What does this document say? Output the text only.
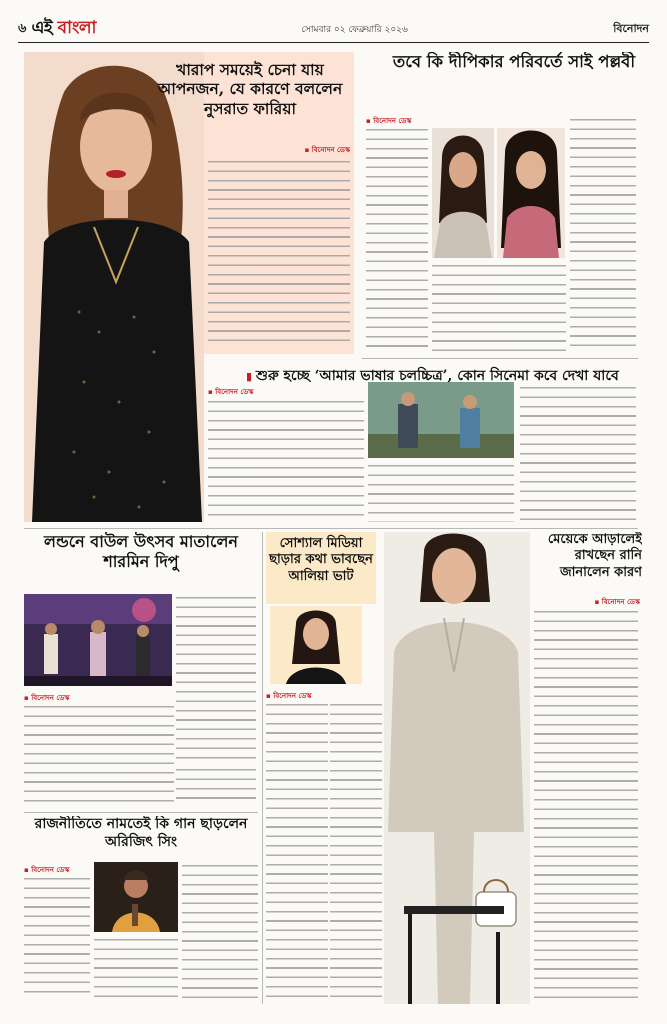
৬ এই বাংলা	সোমবার ০২ ফেব্রুয়ারি ২০২৬	বিনোদন
খারাপ সময়েই চেনা যায় আপনজন, যে কারণে বললেন নুসরাত ফারিয়া
▪ বিনোদন ডেস্ক
তবে কি দীপিকার পরিবর্তে সাই পল্লবী
▪ বিনোদন ডেস্ক
▮ শুরু হচ্ছে ‘আমার ভাষার চলচ্চিত্র’, কোন সিনেমা কবে দেখা যাবে
▪ বিনোদন ডেস্ক
লন্ডনে বাউল উৎসব মাতালেন শারমিন দিপু
▪ বিনোদন ডেস্ক
রাজনীতিতে নামতেই কি গান ছাড়লেন অরিজিৎ সিং
▪ বিনোদন ডেস্ক
সোশ্যাল মিডিয়া ছাড়ার কথা ভাবছেন আলিয়া ভাট
▪ বিনোদন ডেস্ক
মেয়েকে আড়ালেই রাখছেন রানি জানালেন কারণ
▪ বিনোদন ডেস্ক
